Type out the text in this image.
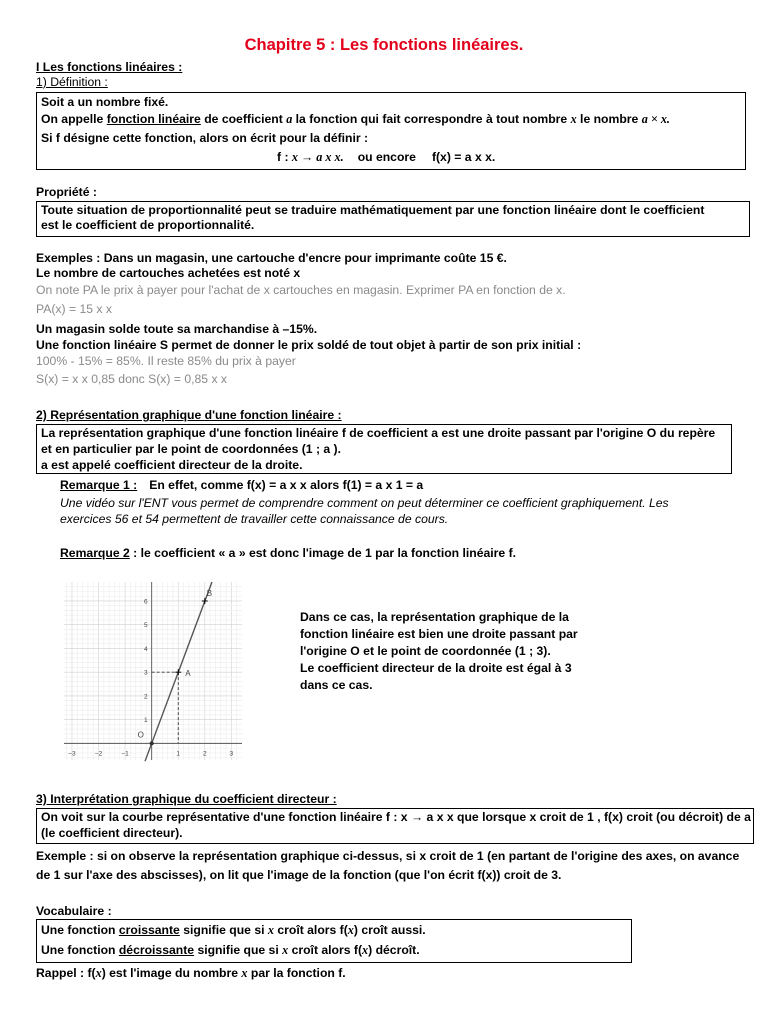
Chapitre 5 : Les fonctions linéaires.
I Les fonctions linéaires :
1) Définition :
Soit a un nombre fixé.
On appelle fonction linéaire de coefficient a la fonction qui fait correspondre à tout nombre x le nombre a × x.
Si f désigne cette fonction, alors on écrit pour la définir :
f : x → a x x. ou encore f(x) = a x x.
Propriété :
Toute situation de proportionnalité peut se traduire mathématiquement par une fonction linéaire dont le coefficient
est le coefficient de proportionnalité.
Exemples : Dans un magasin, une cartouche d'encre pour imprimante coûte 15 €.
Le nombre de cartouches achetées est noté x
On note PA le prix à payer pour l'achat de x cartouches en magasin. Exprimer PA en fonction de x.
PA(x) = 15 x x
Un magasin solde toute sa marchandise à –15%.
Une fonction linéaire S permet de donner le prix soldé de tout objet à partir de son prix initial :
100% - 15% = 85%. Il reste 85% du prix à payer
S(x) = x x 0,85 donc S(x) = 0,85 x x
2) Représentation graphique d'une fonction linéaire :
La représentation graphique d'une fonction linéaire f de coefficient a est une droite passant par l'origine O du repère
et en particulier par le point de coordonnées (1 ; a ).
a est appelé coefficient directeur de la droite.
Remarque 1 : En effet, comme f(x) = a x x alors f(1) = a x 1 = a
Une vidéo sur l'ENT vous permet de comprendre comment on peut déterminer ce coefficient graphiquement. Les
exercices 56 et 54 permettent de travailler cette connaissance de cours.
Remarque 2 : le coefficient « a » est donc l'image de 1 par la fonction linéaire f.
−3	−2	−1	1	2	3
1
2
3
4
5
6
O
A
B
Dans ce cas, la représentation graphique de la
fonction linéaire est bien une droite passant par
l'origine O et le point de coordonnée (1 ; 3).
Le coefficient directeur de la droite est égal à 3
dans ce cas.
3) Interprétation graphique du coefficient directeur :
On voit sur la courbe représentative d'une fonction linéaire f : x → a x x que lorsque x croit de 1 , f(x) croit (ou décroit) de a
(le coefficient directeur).
Exemple : si on observe la représentation graphique ci-dessus, si x croit de 1 (en partant de l'origine des axes, on avance
de 1 sur l'axe des abscisses), on lit que l'image de la fonction (que l'on écrit f(x)) croit de 3.
Vocabulaire :
Une fonction croissante signifie que si x croît alors f(x) croît aussi.
Une fonction décroissante signifie que si x croît alors f(x) décroît.
Rappel : f(x) est l'image du nombre x par la fonction f.
